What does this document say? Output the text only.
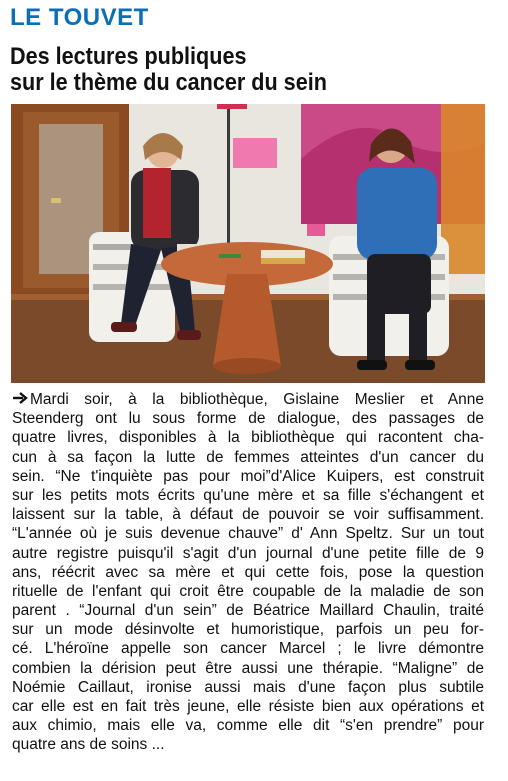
LE TOUVET
Des lectures publiques
sur le thème du cancer du sein
Mardi soir, à la bibliothèque, Gislaine Meslier et Anne
Steenderg ont lu sous forme de dialogue, des passages de
quatre livres, disponibles à la bibliothèque qui racontent cha-
cun à sa façon la lutte de femmes atteintes d'un cancer du
sein. “Ne t'inquiète pas pour moi”d'Alice Kuipers, est construit
sur les petits mots écrits qu'une mère et sa fille s'échangent et
laissent sur la table, à défaut de pouvoir se voir suffisamment.
“L'année où je suis devenue chauve” d' Ann Speltz. Sur un tout
autre registre puisqu'il s'agit d'un journal d'une petite fille de 9
ans, réécrit avec sa mère et qui cette fois, pose la question
rituelle de l'enfant qui croit être coupable de la maladie de son
parent . “Journal d'un sein” de Béatrice Maillard Chaulin, traité
sur un mode désinvolte et humoristique, parfois un peu for-
cé. L'héroïne appelle son cancer Marcel ; le livre démontre
combien la dérision peut être aussi une thérapie. “Maligne” de
Noémie Caillaut, ironise aussi mais d'une façon plus subtile
car elle est en fait très jeune, elle résiste bien aux opérations et
aux chimio, mais elle va, comme elle dit “s'en prendre” pour
quatre ans de soins ...
